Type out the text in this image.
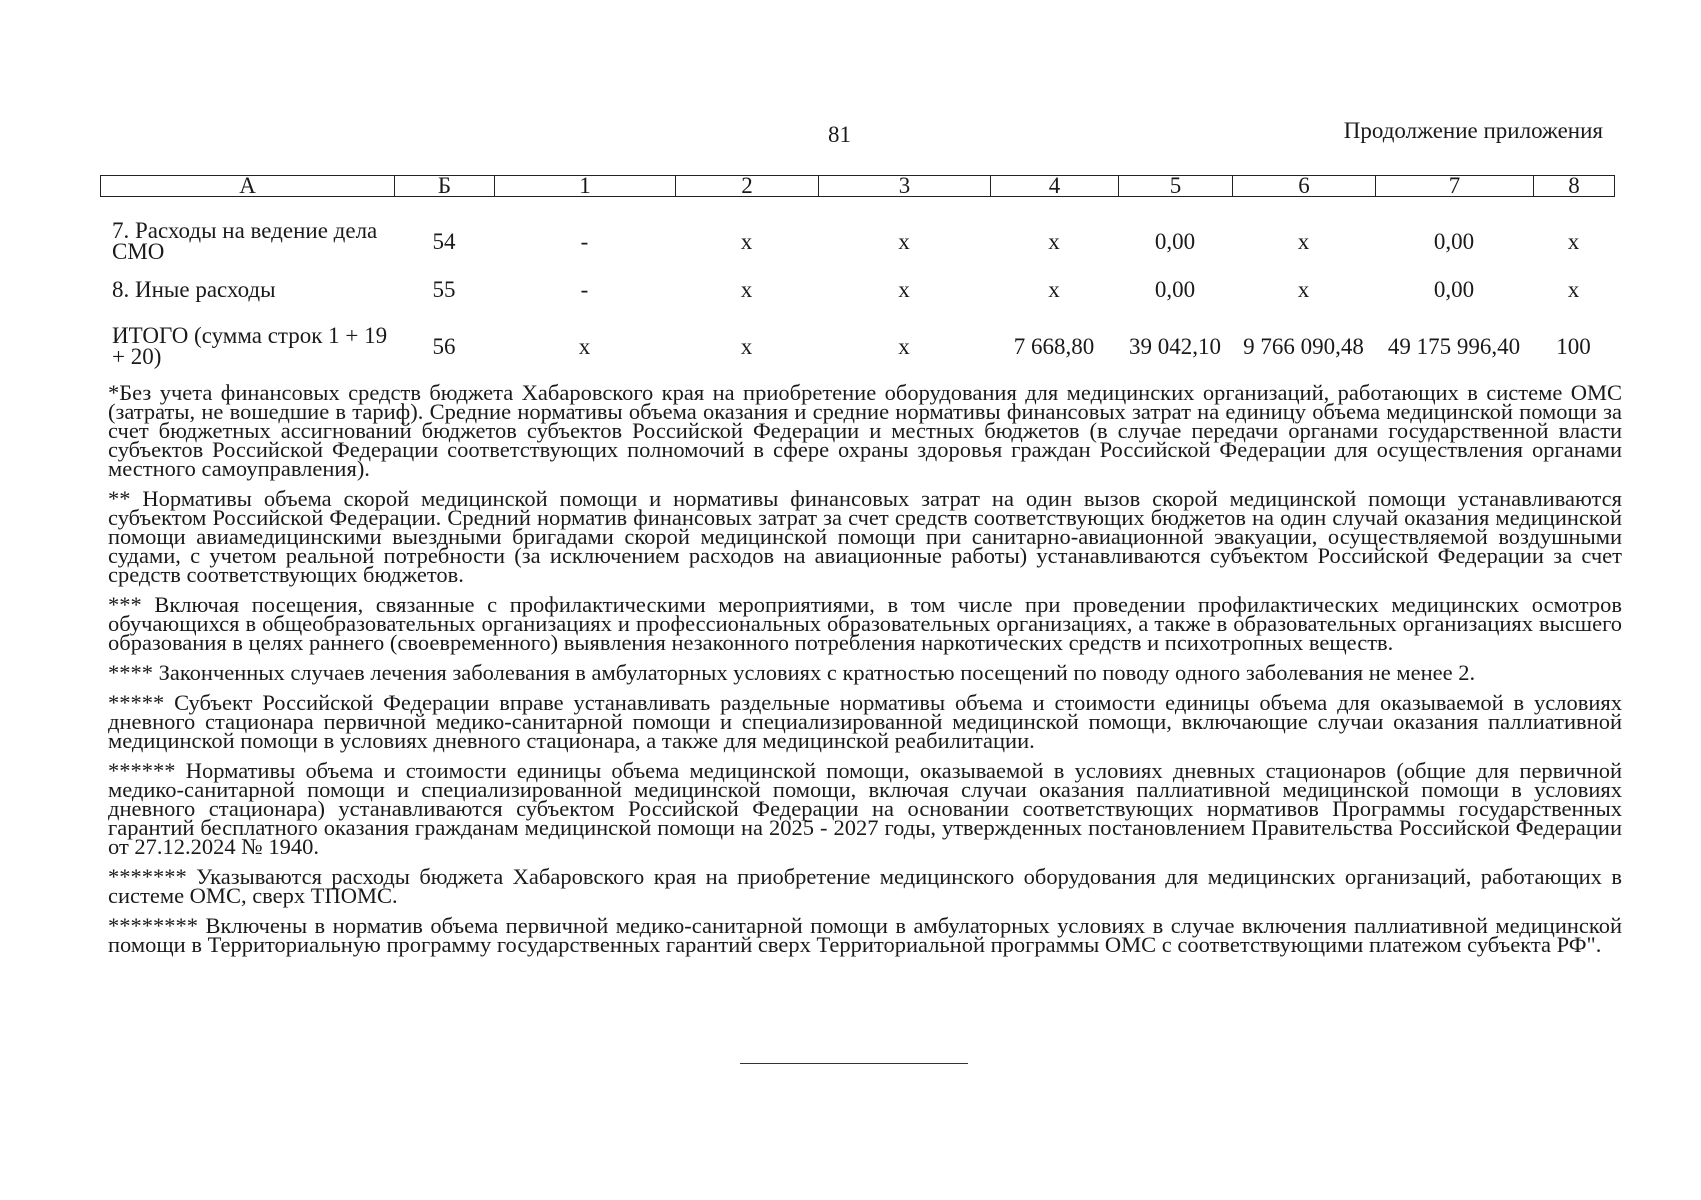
81	Продолжение приложения
А	Б	1	2	3	4	5	6	7	8
7. Расходы на ведение дела СМО	54	-	х	х	х	0,00	х	0,00	х
8. Иные расходы	55	-	х	х	х	0,00	х	0,00	х
ИТОГО (сумма строк 1 + 19 + 20)	56	х	х	х	7 668,80	39 042,10	9 766 090,48	49 175 996,40	100

*Без учета финансовых средств бюджета Хабаровского края на приобретение оборудования для медицинских организаций, работающих в системе ОМС (затраты, не вошедшие в тариф). Средние нормативы объема оказания и средние нормативы финансовых затрат на единицу объема медицинской помощи за счет бюджетных ассигнований бюджетов субъектов Российской Федерации и местных бюджетов (в случае передачи органами государственной власти субъектов Российской Федерации соответствующих полномочий в сфере охраны здоровья граждан Российской Федерации для осуществления органами местного самоуправления).

** Нормативы объема скорой медицинской помощи и нормативы финансовых затрат на один вызов скорой медицинской помощи устанавливаются субъектом Российской Федерации. Средний норматив финансовых затрат за счет средств соответствующих бюджетов на один случай оказания медицинской помощи авиамедицинскими выездными бригадами скорой медицинской помощи при санитарно-авиационной эвакуации, осуществляемой воздушными судами, с учетом реальной потребности (за исключением расходов на авиационные работы) устанавливаются субъектом Российской Федерации за счет средств соответствующих бюджетов.

*** Включая посещения, связанные с профилактическими мероприятиями, в том числе при проведении профилактических медицинских осмотров обучающихся в общеобразовательных организациях и профессиональных образовательных организациях, а также в образовательных организациях высшего образования в целях раннего (своевременного) выявления незаконного потребления наркотических средств и психотропных веществ.

**** Законченных случаев лечения заболевания в амбулаторных условиях с кратностью посещений по поводу одного заболевания не менее 2.

***** Субъект Российской Федерации вправе устанавливать раздельные нормативы объема и стоимости единицы объема для оказываемой в условиях дневного стационара первичной медико-санитарной помощи и специализированной медицинской помощи, включающие случаи оказания паллиативной медицинской помощи в условиях дневного стационара, а также для медицинской реабилитации.

****** Нормативы объема и стоимости единицы объема медицинской помощи, оказываемой в условиях дневных стационаров (общие для первичной медико-санитарной помощи и специализированной медицинской помощи, включая случаи оказания паллиативной медицинской помощи в условиях дневного стационара) устанавливаются субъектом Российской Федерации на основании соответствующих нормативов Программы государственных гарантий бесплатного оказания гражданам медицинской помощи на 2025 - 2027 годы, утвержденных постановлением Правительства Российской Федерации от 27.12.2024 № 1940.

******* Указываются расходы бюджета Хабаровского края на приобретение медицинского оборудования для медицинских организаций, работающих в системе ОМС, сверх ТПОМС.

******** Включены в норматив объема первичной медико-санитарной помощи в амбулаторных условиях в случае включения паллиативной медицинской помощи в Территориальную программу государственных гарантий сверх Территориальной программы ОМС с соответствующими платежом субъекта РФ".
